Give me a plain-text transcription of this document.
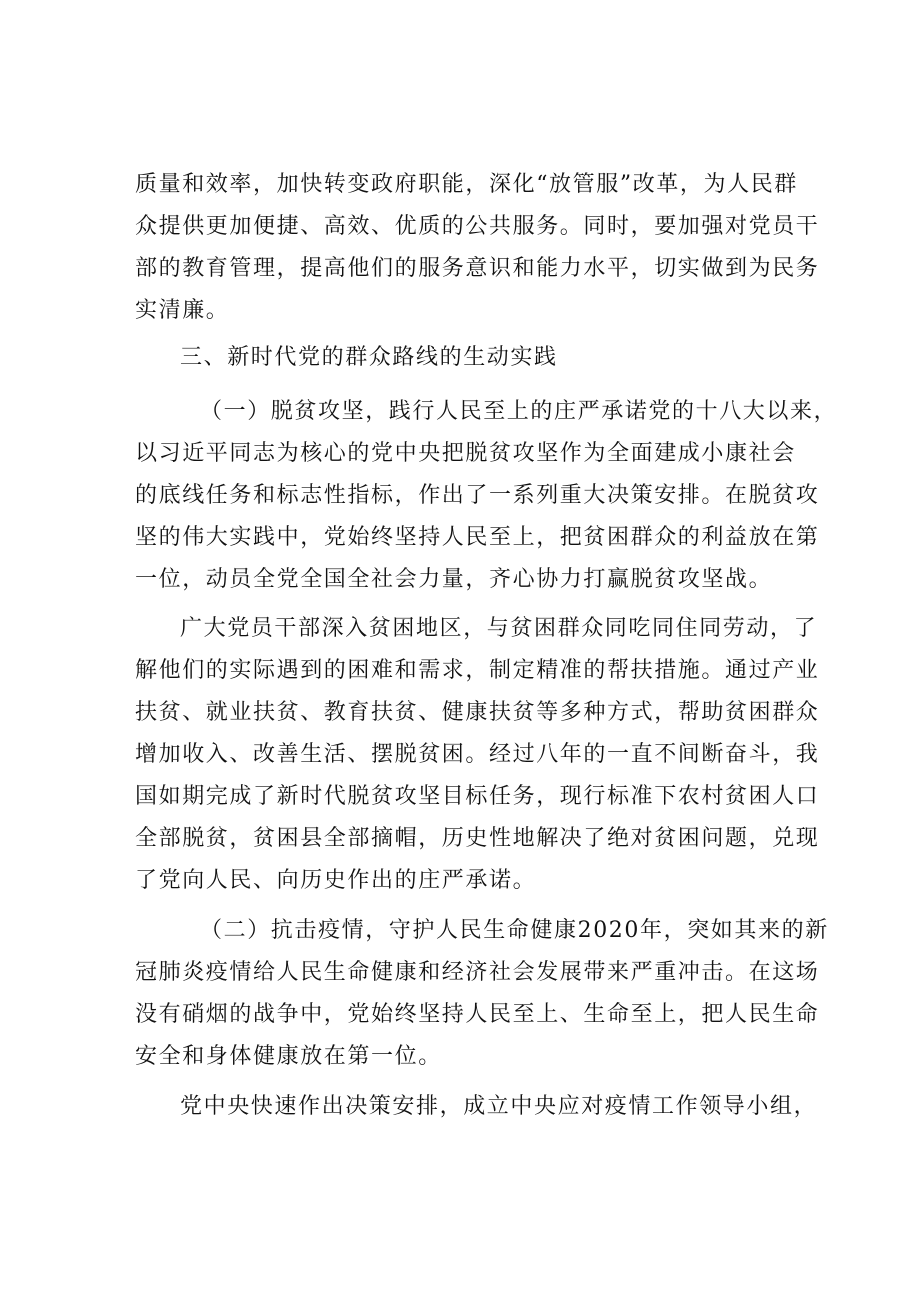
质量和效率，加快转变政府职能，深化“放管服”改革，为人民群
众提供更加便捷、高效、优质的公共服务。同时，要加强对党员干
部的教育管理，提高他们的服务意识和能力水平，切实做到为民务
实清廉。
三、新时代党的群众路线的生动实践
（一）脱贫攻坚，践行人民至上的庄严承诺党的十八大以来，
以习近平同志为核心的党中央把脱贫攻坚作为全面建成小康社会
的底线任务和标志性指标，作出了一系列重大决策安排。在脱贫攻
坚的伟大实践中，党始终坚持人民至上，把贫困群众的利益放在第
一位，动员全党全国全社会力量，齐心协力打赢脱贫攻坚战。
广大党员干部深入贫困地区，与贫困群众同吃同住同劳动，了
解他们的实际遇到的困难和需求，制定精准的帮扶措施。通过产业
扶贫、就业扶贫、教育扶贫、健康扶贫等多种方式，帮助贫困群众
增加收入、改善生活、摆脱贫困。经过八年的一直不间断奋斗，我
国如期完成了新时代脱贫攻坚目标任务，现行标准下农村贫困人口
全部脱贫，贫困县全部摘帽，历史性地解决了绝对贫困问题，兑现
了党向人民、向历史作出的庄严承诺。
（二）抗击疫情，守护人民生命健康2020年，突如其来的新
冠肺炎疫情给人民生命健康和经济社会发展带来严重冲击。在这场
没有硝烟的战争中，党始终坚持人民至上、生命至上，把人民生命
安全和身体健康放在第一位。
党中央快速作出决策安排，成立中央应对疫情工作领导小组，
